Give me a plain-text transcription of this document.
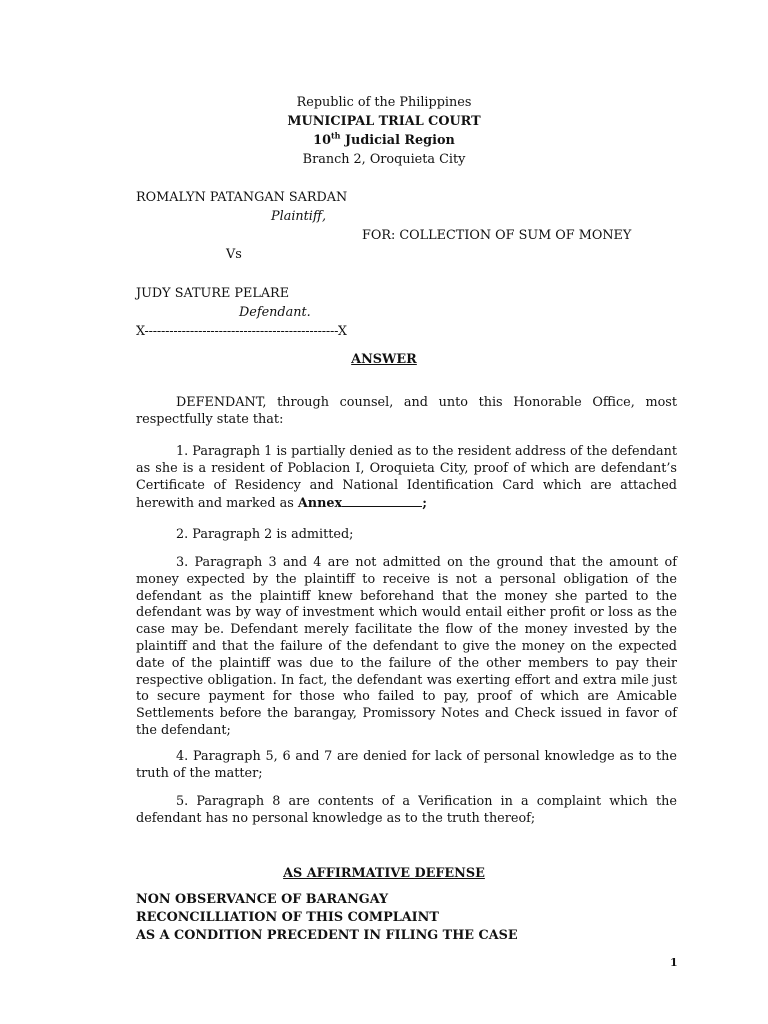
Republic of the Philippines
MUNICIPAL TRIAL COURT
10th Judicial Region
Branch 2, Oroquieta City
ROMALYN PATANGAN SARDAN
Plaintiff,
FOR: COLLECTION OF SUM OF MONEY
Vs
JUDY SATURE PELARE
Defendant.
X-----------------------------------------------X
ANSWER

DEFENDANT, through counsel, and unto this Honorable Office, most respectfully state that:

1. Paragraph 1 is partially denied as to the resident address of the defendant as she is a resident of Poblacion I, Oroquieta City, proof of which are defendant’s Certificate of Residency and National Identification Card which are attached herewith and marked as Annex	;

2. Paragraph 2 is admitted;

3. Paragraph 3 and 4 are not admitted on the ground that the amount of money expected by the plaintiff to receive is not a personal obligation of the defendant as the plaintiff knew beforehand that the money she parted to the defendant was by way of investment which would entail either profit or loss as the case may be. Defendant merely facilitate the flow of the money invested by the plaintiff and that the failure of the defendant to give the money on the expected date of the plaintiff was due to the failure of the other members to pay their respective obligation. In fact, the defendant was exerting effort and extra mile just to secure payment for those who failed to pay, proof of which are Amicable Settlements before the barangay, Promissory Notes and Check issued in favor of the defendant;

4. Paragraph 5, 6 and 7 are denied for lack of personal knowledge as to the truth of the matter;

5. Paragraph 8 are contents of a Verification in a complaint which the defendant has no personal knowledge as to the truth thereof;

AS AFFIRMATIVE DEFENSE
NON OBSERVANCE OF BARANGAY
RECONCILLIATION OF THIS COMPLAINT
AS A CONDITION PRECEDENT IN FILING THE CASE
1
